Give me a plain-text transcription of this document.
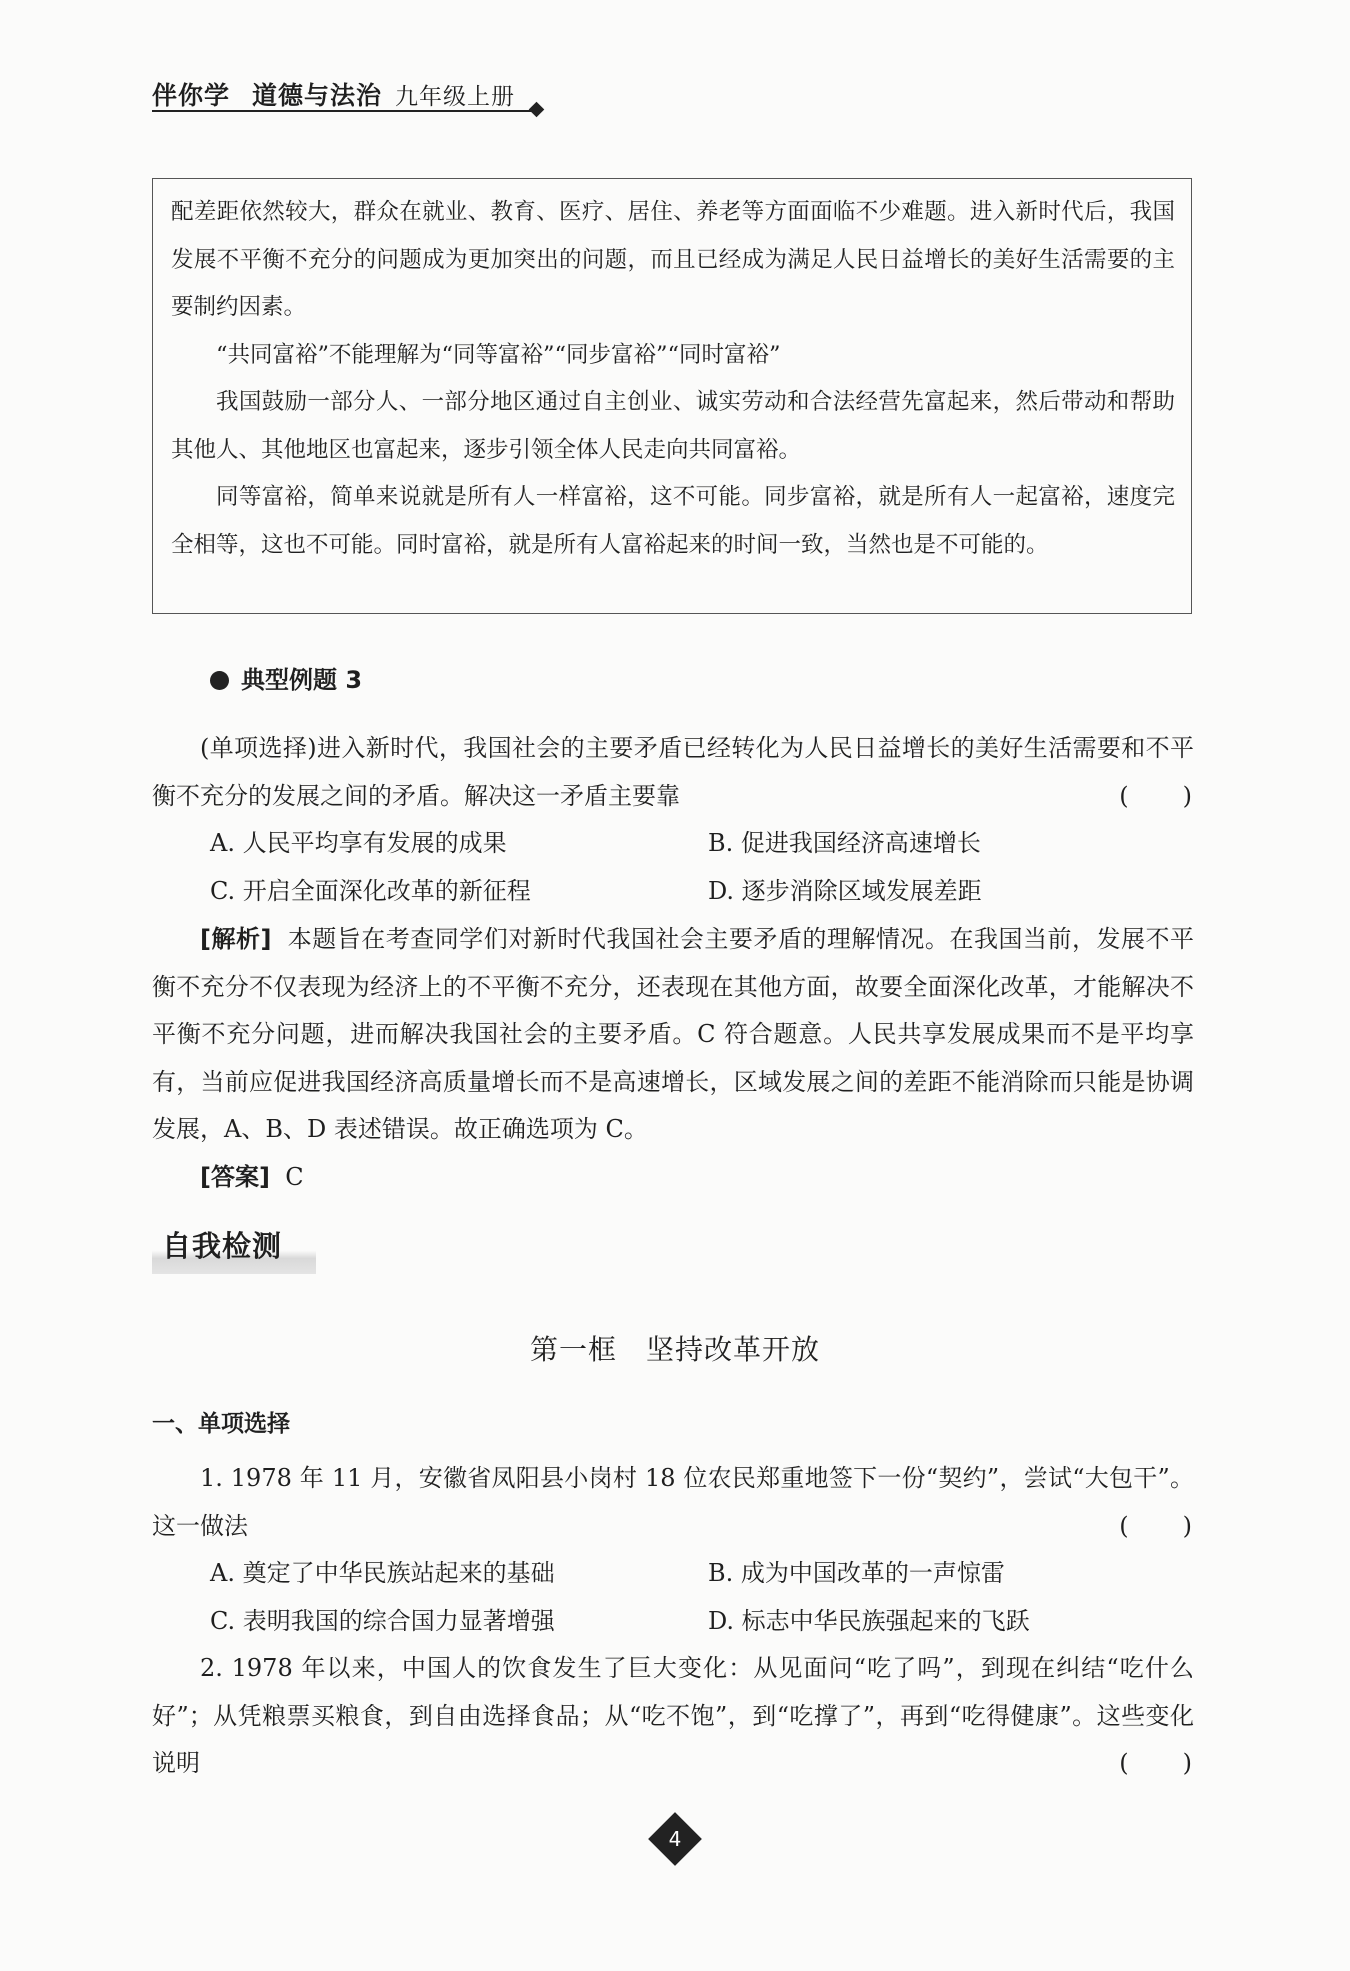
伴你学 道德与法治 九年级上册

配差距依然较大，群众在就业、教育、医疗、居住、养老等方面面临不少难题。进入新时代后，我国发展不平衡不充分的问题成为更加突出的问题，而且已经成为满足人民日益增长的美好生活需要的主要制约因素。

“共同富裕”不能理解为“同等富裕”“同步富裕”“同时富裕”

我国鼓励一部分人、一部分地区通过自主创业、诚实劳动和合法经营先富起来，然后带动和帮助其他人、其他地区也富起来，逐步引领全体人民走向共同富裕。

同等富裕，简单来说就是所有人一样富裕，这不可能。同步富裕，就是所有人一起富裕，速度完全相等，这也不可能。同时富裕，就是所有人富裕起来的时间一致，当然也是不可能的。

典型例题 3

(单项选择)进入新时代，我国社会的主要矛盾已经转化为人民日益增长的美好生活需要和不平衡不充分的发展之间的矛盾。解决这一矛盾主要靠	(　　)

A. 人民平均享有发展的成果	B. 促进我国经济高速增长
C. 开启全面深化改革的新征程	D. 逐步消除区域发展差距

[解析] 本题旨在考查同学们对新时代我国社会主要矛盾的理解情况。在我国当前，发展不平衡不充分不仅表现为经济上的不平衡不充分，还表现在其他方面，故要全面深化改革，才能解决不平衡不充分问题，进而解决我国社会的主要矛盾。C 符合题意。人民共享发展成果而不是平均享有，当前应促进我国经济高质量增长而不是高速增长，区域发展之间的差距不能消除而只能是协调发展，A、B、D 表述错误。故正确选项为 C。

[答案] C

自我检测
第一框　坚持改革开放
一、单项选择

1. 1978 年 11 月，安徽省凤阳县小岗村 18 位农民郑重地签下一份“契约”，尝试“大包干”。这一做法	(　　)

A. 奠定了中华民族站起来的基础	B. 成为中国改革的一声惊雷
C. 表明我国的综合国力显著增强	D. 标志中华民族强起来的飞跃

2. 1978 年以来，中国人的饮食发生了巨大变化：从见面问“吃了吗”，到现在纠结“吃什么好”；从凭粮票买粮食，到自由选择食品；从“吃不饱”，到“吃撑了”，再到“吃得健康”。这些变化说明	(　　)

4
